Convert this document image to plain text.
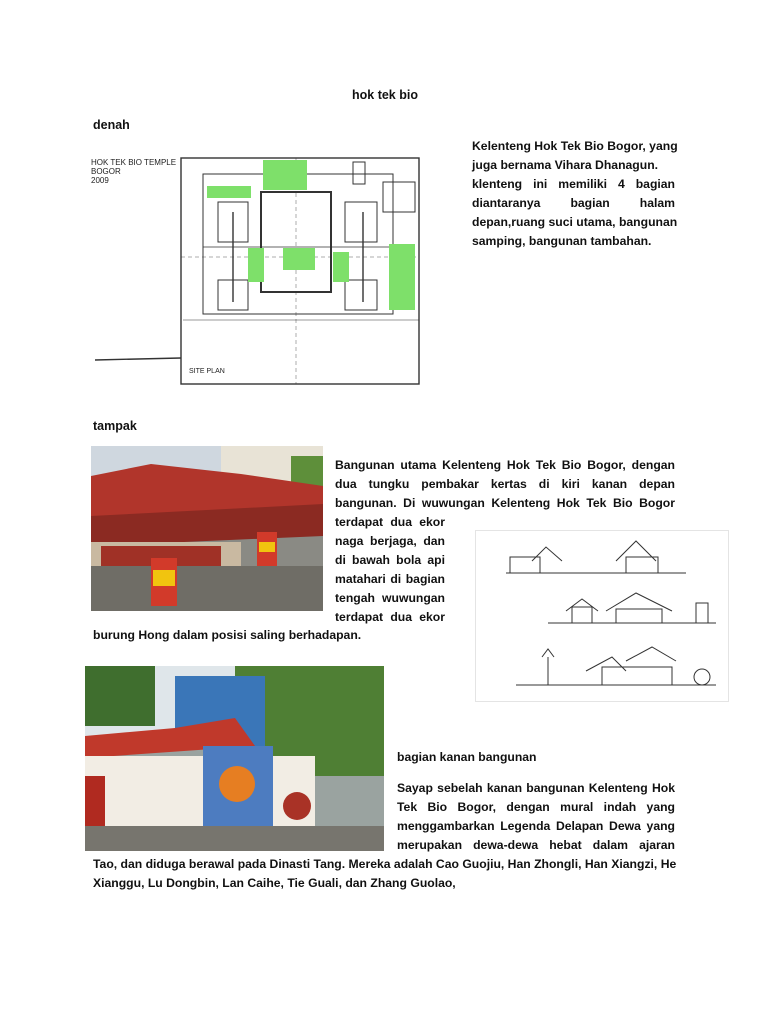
hok tek bio
denah
HOK TEK BIO TEMPLE
BOGOR
2009
SITE PLAN
Kelenteng Hok Tek Bio Bogor, yang
juga bernama Vihara Dhanagun.
klenteng ini memiliki 4 bagian
diantaranya bagian halam
depan,ruang suci utama, bangunan
samping, bangunan tambahan.
tampak
Bangunan utama Kelenteng Hok Tek Bio Bogor, dengan
dua tungku pembakar kertas di kiri kanan depan
bangunan. Di wuwungan Kelenteng Hok Tek Bio Bogor
terdapat dua ekor
naga berjaga, dan
di bawah bola api
matahari di bagian
tengah wuwungan
terdapat dua ekor
burung Hong dalam posisi saling berhadapan.
bagian kanan bangunan
Sayap sebelah kanan bangunan Kelenteng Hok
Tek Bio Bogor, dengan mural indah yang
menggambarkan Legenda Delapan Dewa yang
merupakan dewa-dewa hebat dalam ajaran
Tao, dan diduga berawal pada Dinasti Tang. Mereka adalah Cao Guojiu, Han Zhongli, Han Xiangzi, He
Xianggu, Lu Dongbin, Lan Caihe, Tie Guali, dan Zhang Guolao,
